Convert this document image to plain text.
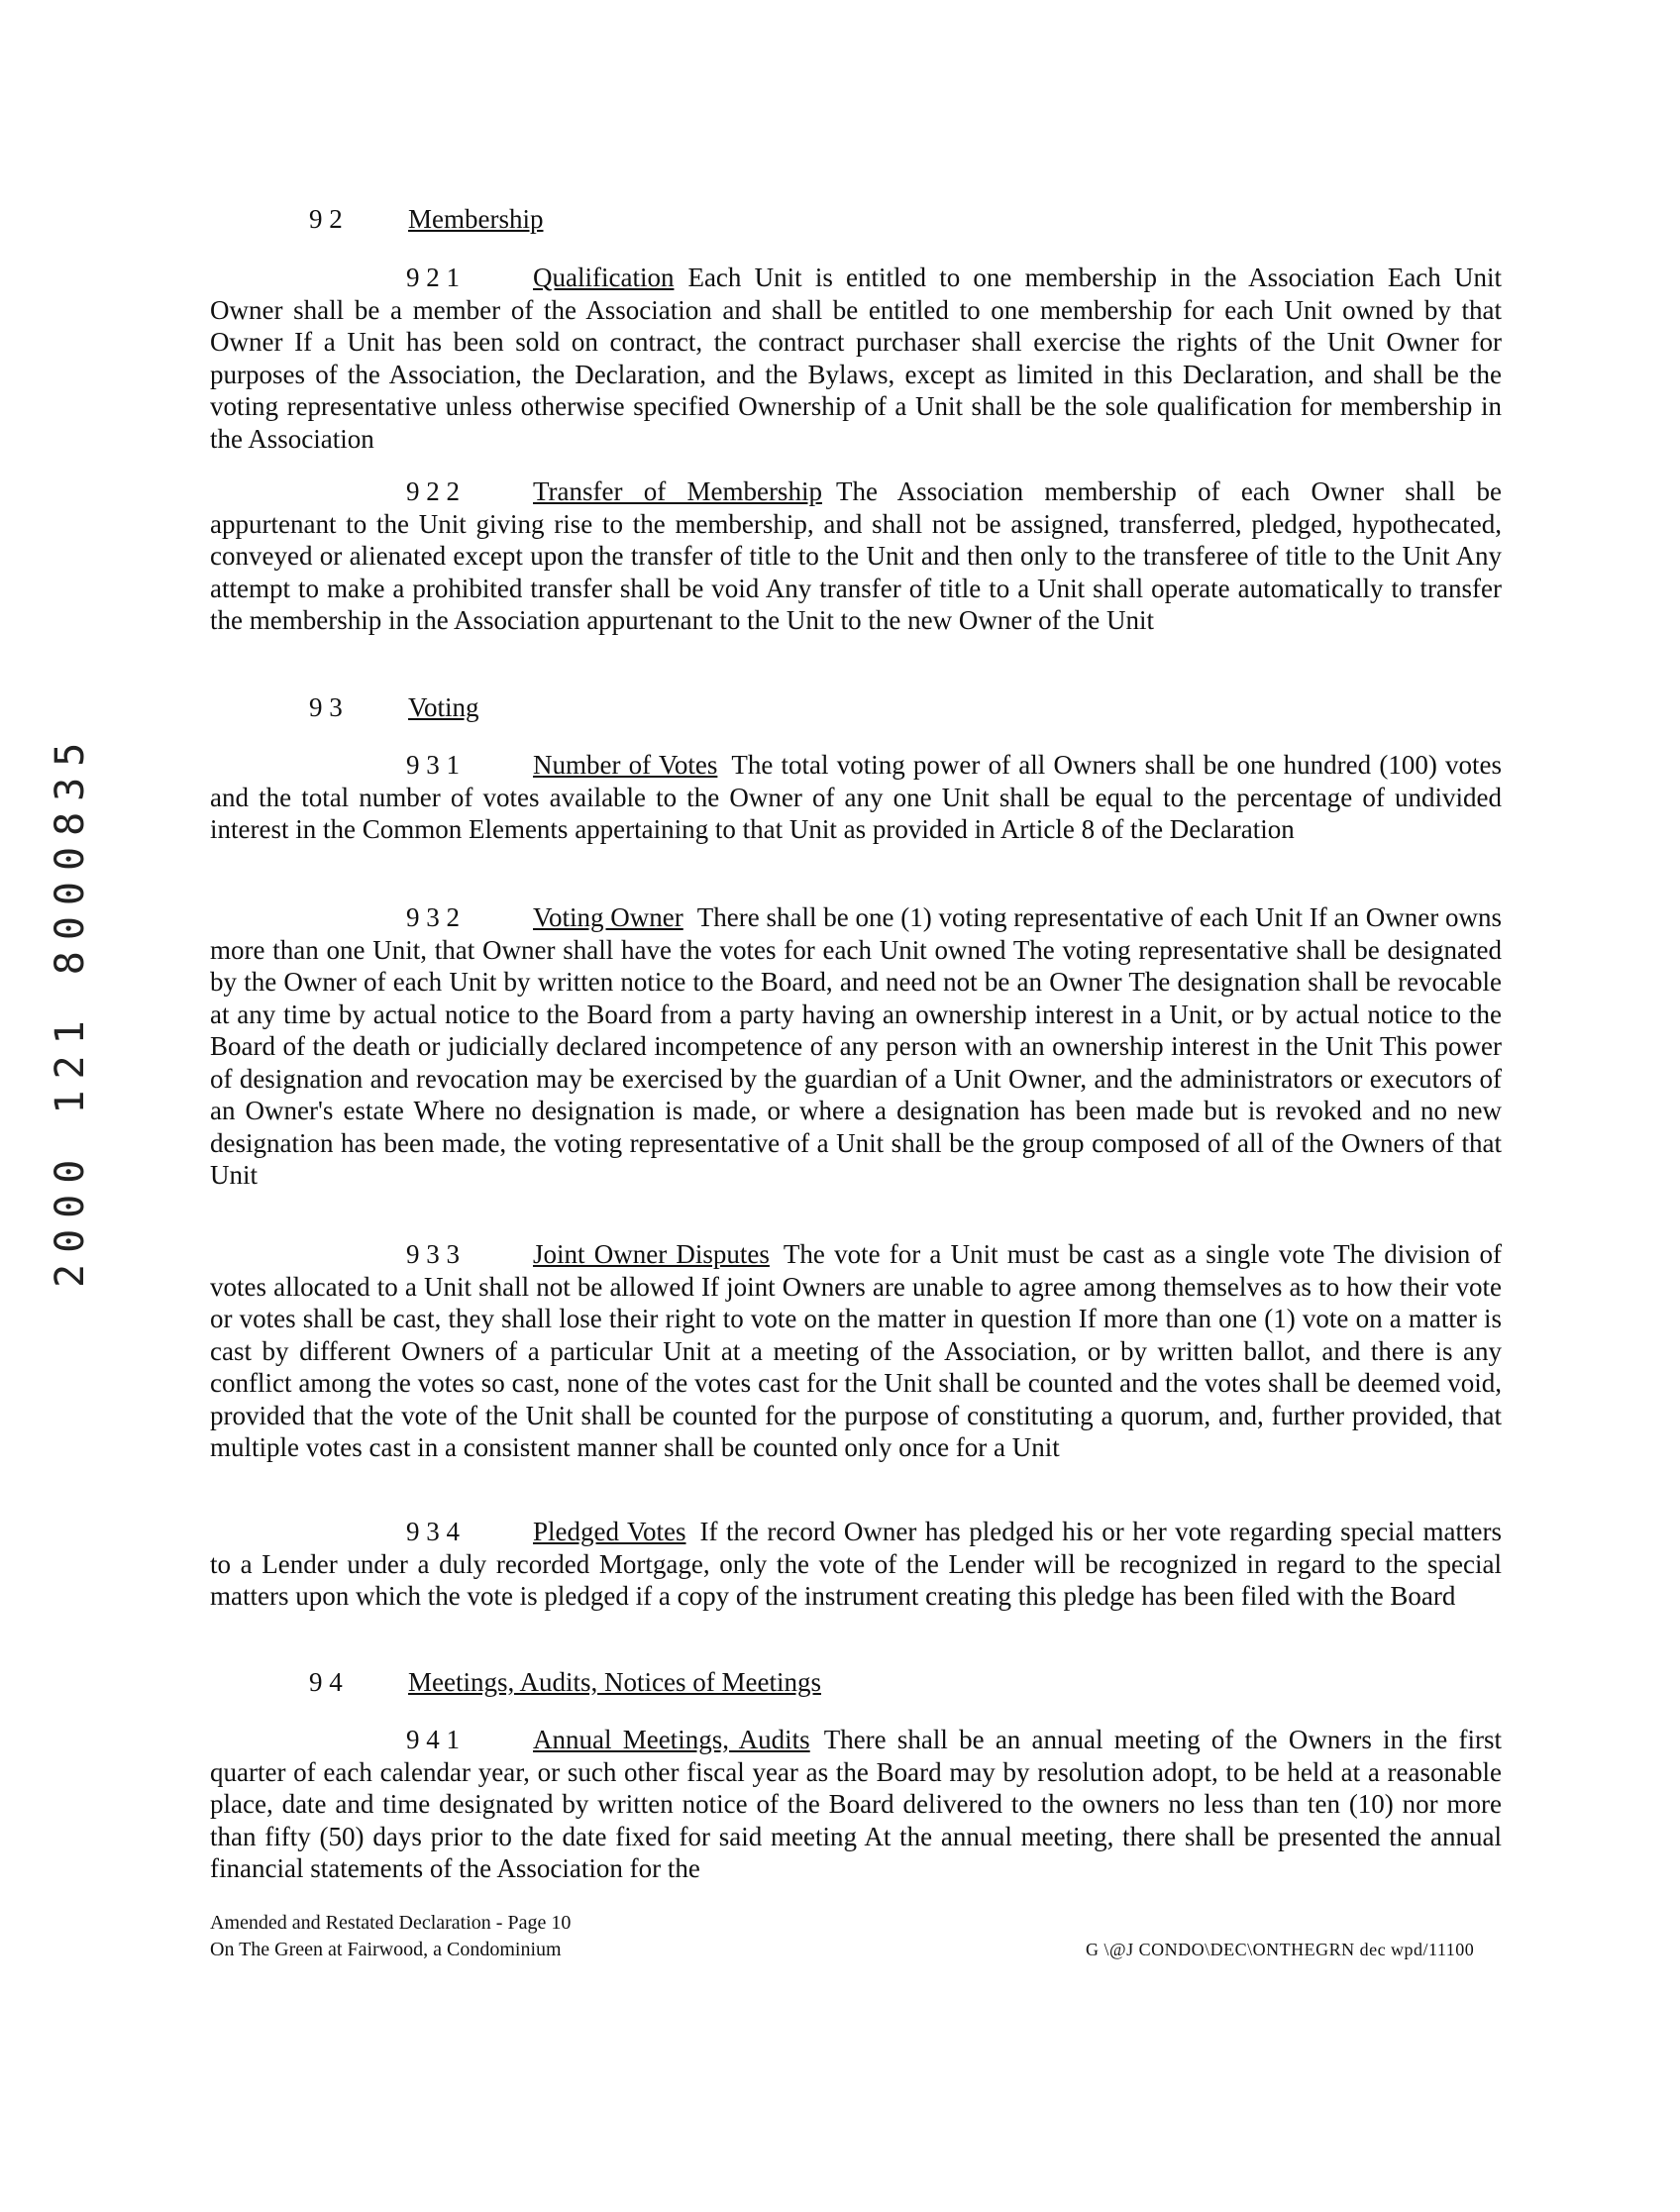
9 2 Membership

9 2 1	Qualification Each Unit is entitled to one membership in the Association Each Unit Owner shall be a member of the Association and shall be entitled to one membership for each Unit owned by that Owner If a Unit has been sold on contract, the contract purchaser shall exercise the rights of the Unit Owner for purposes of the Association, the Declaration, and the Bylaws, except as limited in this Declaration, and shall be the voting representative unless otherwise specified Ownership of a Unit shall be the sole qualification for membership in the Association

9 2 2	Transfer of Membership The Association membership of each Owner shall be appurtenant to the Unit giving rise to the membership, and shall not be assigned, transferred, pledged, hypothecated, conveyed or alienated except upon the transfer of title to the Unit and then only to the transferee of title to the Unit Any attempt to make a prohibited transfer shall be void Any transfer of title to a Unit shall operate automatically to transfer the membership in the Association appurtenant to the Unit to the new Owner of the Unit

9 3 Voting

9 3 1	Number of Votes The total voting power of all Owners shall be one hundred (100) votes and the total number of votes available to the Owner of any one Unit shall be equal to the percentage of undivided interest in the Common Elements appertaining to that Unit as provided in Article 8 of the Declaration

9 3 2	Voting Owner There shall be one (1) voting representative of each Unit If an Owner owns more than one Unit, that Owner shall have the votes for each Unit owned The voting representative shall be designated by the Owner of each Unit by written notice to the Board, and need not be an Owner The designation shall be revocable at any time by actual notice to the Board from a party having an ownership interest in a Unit, or by actual notice to the Board of the death or judicially declared incompetence of any person with an ownership interest in the Unit This power of designation and revocation may be exercised by the guardian of a Unit Owner, and the administrators or executors of an Owner's estate Where no designation is made, or where a designation has been made but is revoked and no new designation has been made, the voting representative of a Unit shall be the group composed of all of the Owners of that Unit

9 3 3	Joint Owner Disputes The vote for a Unit must be cast as a single vote The division of votes allocated to a Unit shall not be allowed If joint Owners are unable to agree among themselves as to how their vote or votes shall be cast, they shall lose their right to vote on the matter in question If more than one (1) vote on a matter is cast by different Owners of a particular Unit at a meeting of the Association, or by written ballot, and there is any conflict among the votes so cast, none of the votes cast for the Unit shall be counted and the votes shall be deemed void, provided that the vote of the Unit shall be counted for the purpose of constituting a quorum, and, further provided, that multiple votes cast in a consistent manner shall be counted only once for a Unit

9 3 4	Pledged Votes If the record Owner has pledged his or her vote regarding special matters to a Lender under a duly recorded Mortgage, only the vote of the Lender will be recognized in regard to the special matters upon which the vote is pledged if a copy of the instrument creating this pledge has been filed with the Board

9 4 Meetings, Audits, Notices of Meetings

9 4 1	Annual Meetings, Audits There shall be an annual meeting of the Owners in the first quarter of each calendar year, or such other fiscal year as the Board may by resolution adopt, to be held at a reasonable place, date and time designated by written notice of the Board delivered to the owners no less than ten (10) nor more than fifty (50) days prior to the date fixed for said meeting At the annual meeting, there shall be presented the annual financial statements of the Association for the

Amended and Restated Declaration - Page 10
On The Green at Fairwood, a Condominium	G \@J CONDO\DEC\ONTHEGRN dec wpd/11100
2000 121 8000835
